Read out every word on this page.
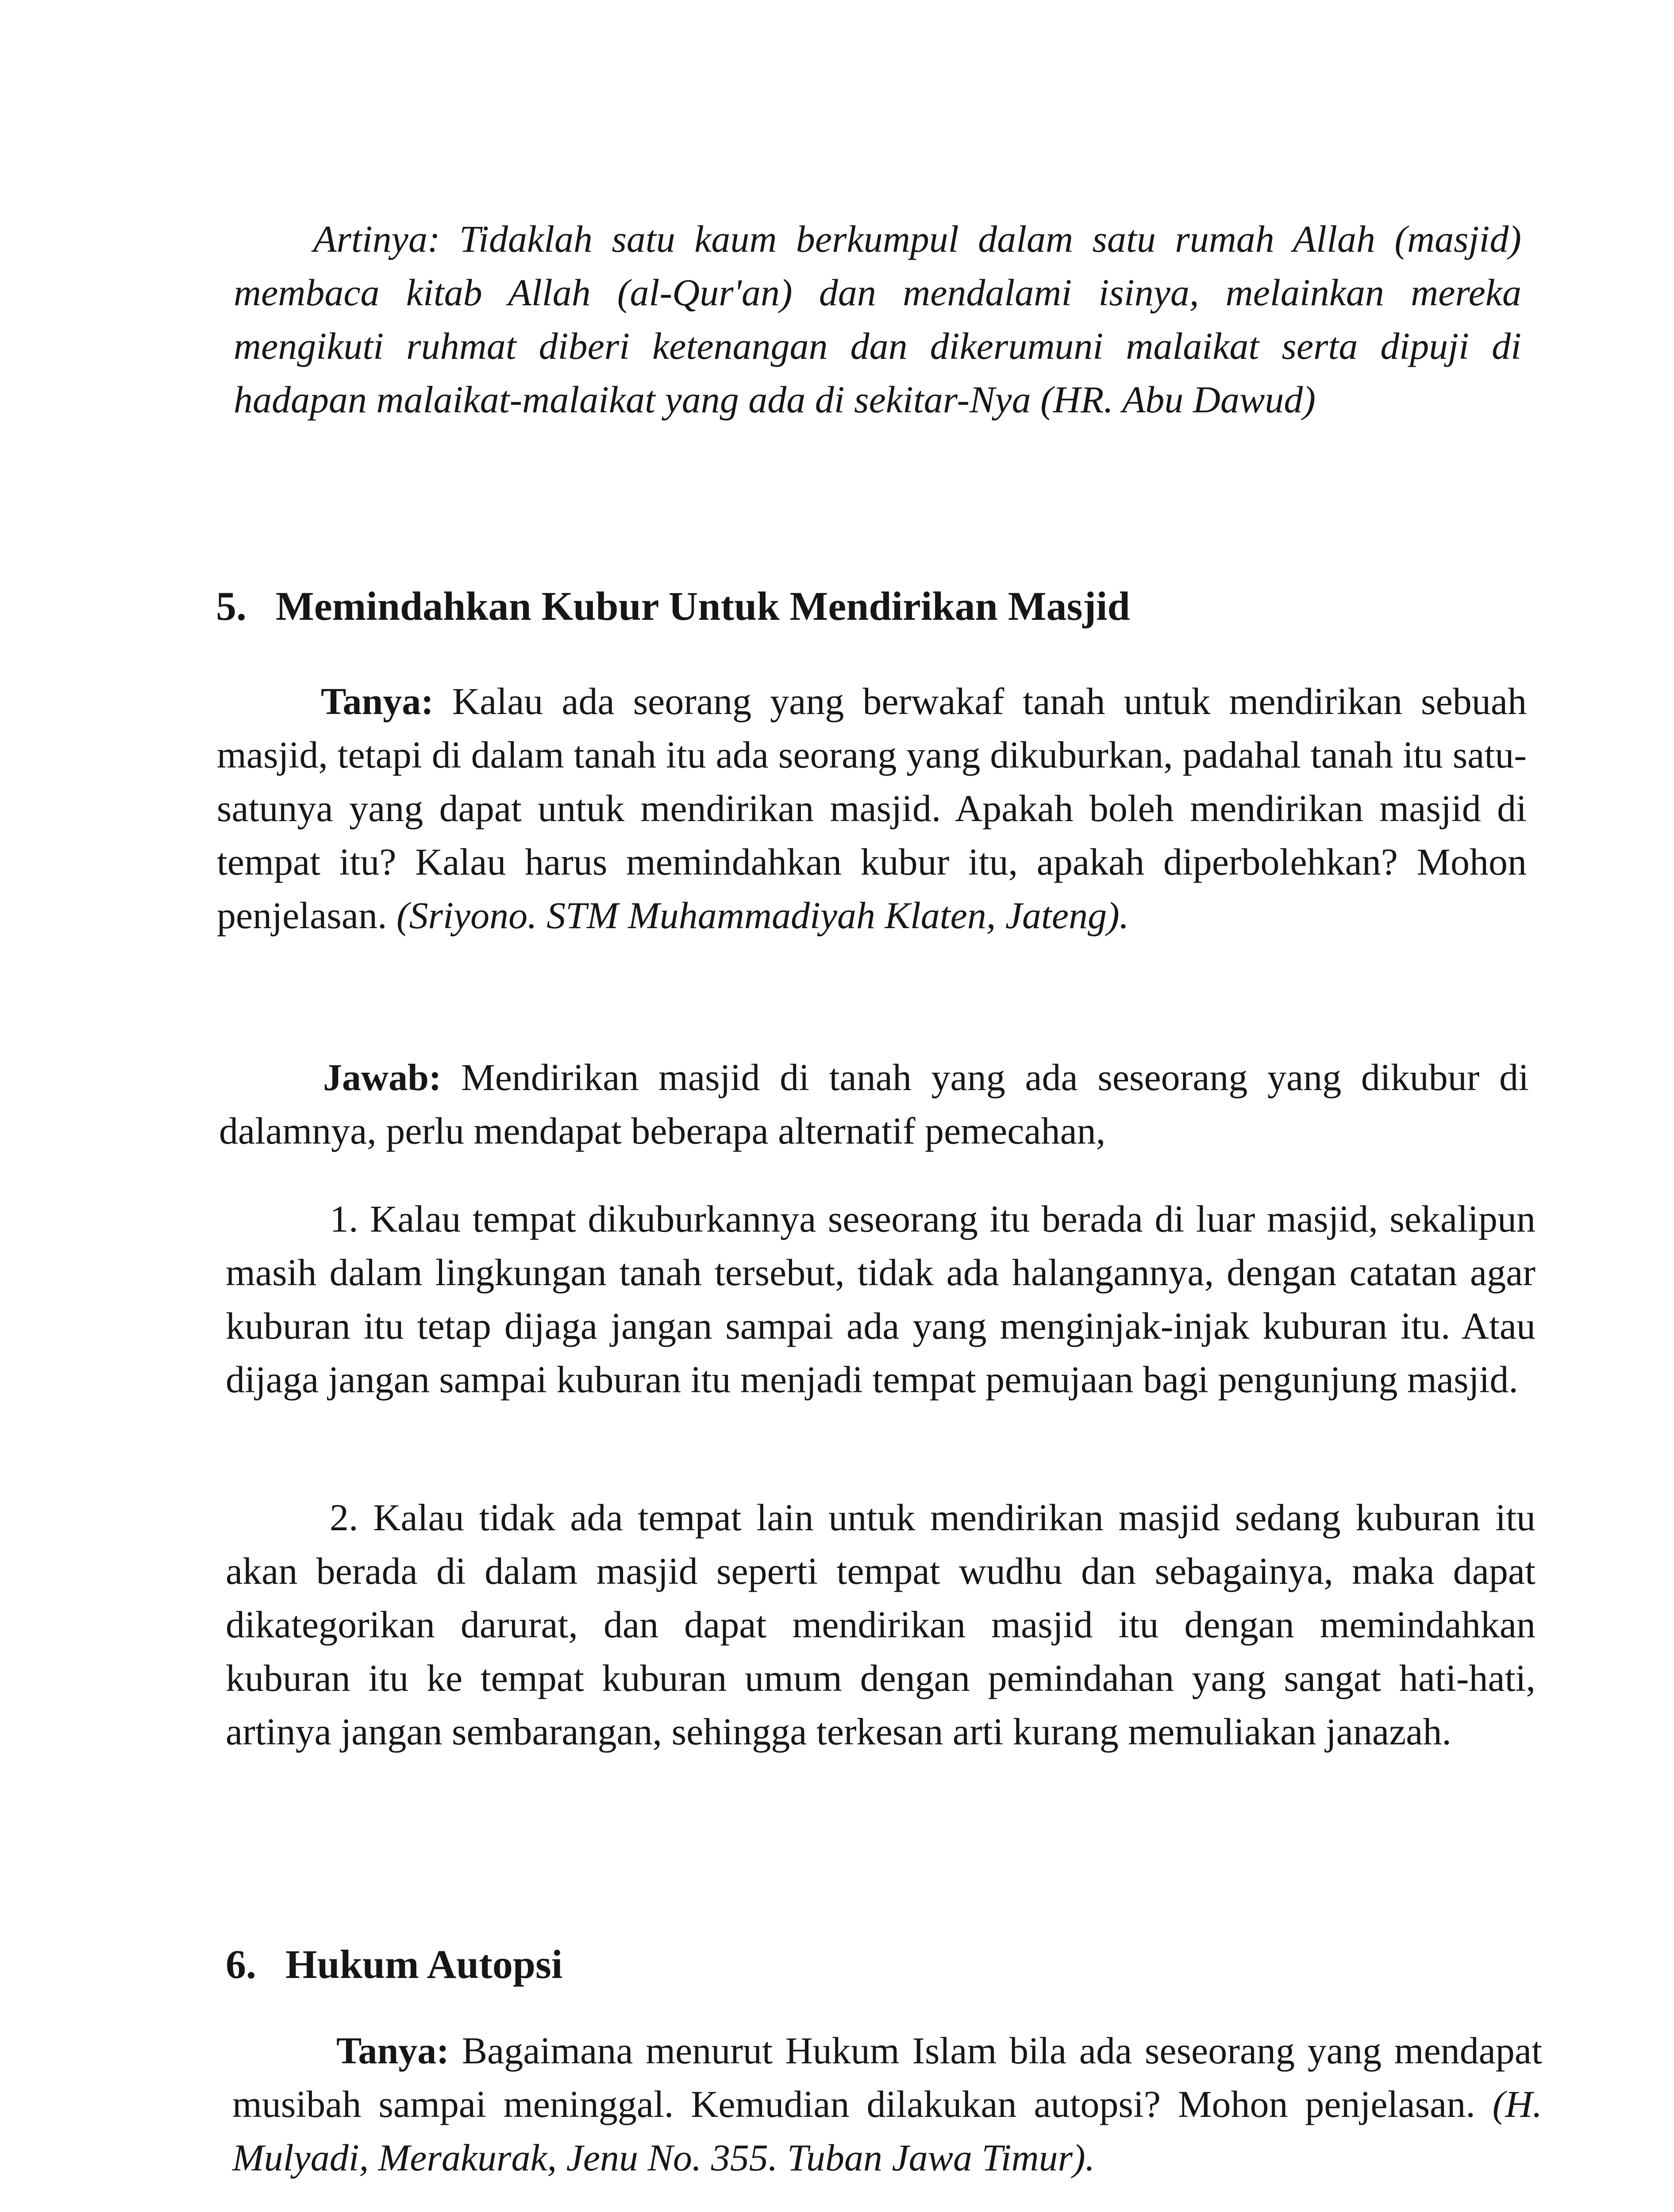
Artinya: Tidaklah satu kaum berkumpul dalam satu rumah Allah (masjid) membaca kitab Allah (al-Qur'an) dan mendalami isinya, melainkan mereka mengikuti ruhmat diberi ketenangan dan dikerumuni malaikat serta dipuji di hadapan malaikat-malaikat yang ada di sekitar-Nya (HR. Abu Dawud)

5. Memindahkan Kubur Untuk Mendirikan Masjid

Tanya: Kalau ada seorang yang berwakaf tanah untuk mendirikan sebuah masjid, tetapi di dalam tanah itu ada seorang yang dikuburkan, padahal tanah itu satu-satunya yang dapat untuk mendirikan masjid. Apakah boleh mendirikan masjid di tempat itu? Kalau harus memindahkan kubur itu, apakah diperbolehkan? Mohon penjelasan. (Sriyono. STM Muhammadiyah Klaten, Jateng).

Jawab: Mendirikan masjid di tanah yang ada seseorang yang dikubur di dalamnya, perlu mendapat beberapa alternatif pemecahan,

1. Kalau tempat dikuburkannya seseorang itu berada di luar masjid, sekalipun masih dalam lingkungan tanah tersebut, tidak ada halangannya, dengan catatan agar kuburan itu tetap dijaga jangan sampai ada yang menginjak-injak kuburan itu. Atau dijaga jangan sampai kuburan itu menjadi tempat pemujaan bagi pengunjung masjid.

2. Kalau tidak ada tempat lain untuk mendirikan masjid sedang kuburan itu akan berada di dalam masjid seperti tempat wudhu dan sebagainya, maka dapat dikategorikan darurat, dan dapat mendirikan masjid itu dengan memindahkan kuburan itu ke tempat kuburan umum dengan pemindahan yang sangat hati-hati, artinya jangan sembarangan, sehingga terkesan arti kurang memuliakan janazah.

6. Hukum Autopsi

Tanya: Bagaimana menurut Hukum Islam bila ada seseorang yang mendapat musibah sampai meninggal. Kemudian dilakukan autopsi? Mohon penjelasan. (H. Mulyadi, Merakurak, Jenu No. 355. Tuban Jawa Timur).
